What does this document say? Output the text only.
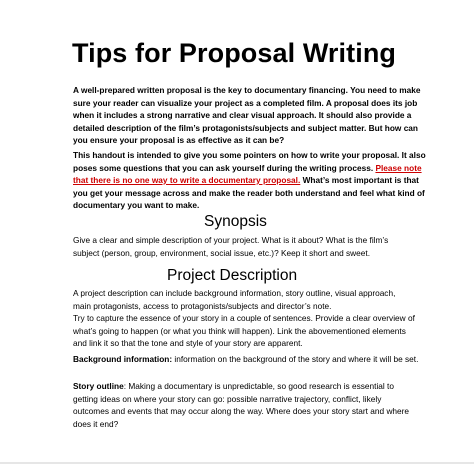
Tips for Proposal Writing
A well-prepared written proposal is the key to documentary financing. You need to make
sure your reader can visualize your project as a completed film. A proposal does its job
when it includes a strong narrative and clear visual approach. It should also provide a
detailed description of the film’s protagonists/subjects and subject matter. But how can
you ensure your proposal is as effective as it can be?
This handout is intended to give you some pointers on how to write your proposal. It also
poses some questions that you can ask yourself during the writing process. Please note
that there is no one way to write a documentary proposal. What’s most important is that
you get your message across and make the reader both understand and feel what kind of
documentary you want to make.
Synopsis
Give a clear and simple description of your project. What is it about? What is the film’s
subject (person, group, environment, social issue, etc.)? Keep it short and sweet.
Project Description
A project description can include background information, story outline, visual approach,
main protagonists, access to protagonists/subjects and director’s note.
Try to capture the essence of your story in a couple of sentences. Provide a clear overview of
what’s going to happen (or what you think will happen). Link the abovementioned elements
and link it so that the tone and style of your story are apparent.
Background information: information on the background of the story and where it will be set.
Story outline: Making a documentary is unpredictable, so good research is essential to
getting ideas on where your story can go: possible narrative trajectory, conflict, likely
outcomes and events that may occur along the way. Where does your story start and where
does it end?
